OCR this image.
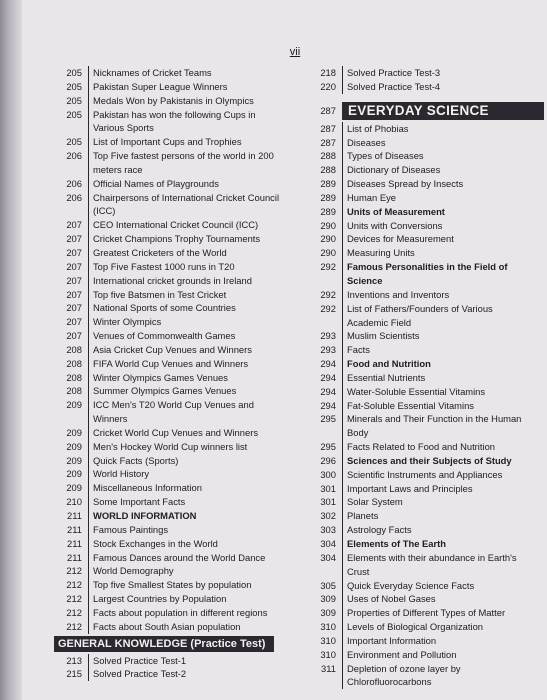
vii
205	Nicknames of Cricket Teams
205	Pakistan Super League Winners
205	Medals Won by Pakistanis in Olympics
205	Pakistan has won the following Cups in
Various Sports
205	List of Important Cups and Trophies
206	Top Five fastest persons of the world in 200
meters race
206	Official Names of Playgrounds
206	Chairpersons of International Cricket Council
(ICC)
207	CEO International Cricket Council (ICC)
207	Cricket Champions Trophy Tournaments
207	Greatest Cricketers of the World
207	Top Five Fastest 1000 runs in T20
207	International cricket grounds in Ireland
207	Top five Batsmen in Test Cricket
207	National Sports of some Countries
207	Winter Olympics
207	Venues of Commonwealth Games
208	Asia Cricket Cup Venues and Winners
208	FIFA World Cup Venues and Winners
208	Winter Olympics Games Venues
208	Summer Olympics Games Venues
209	ICC Men's T20 World Cup Venues and
Winners
209	Cricket World Cup Venues and Winners
209	Men's Hockey World Cup winners list
209	Quick Facts (Sports)
209	World History
209	Miscellaneous Information
210	Some Important Facts
211	WORLD INFORMATION
211	Famous Paintings
211	Stock Exchanges in the World
211	Famous Dances around the World Dance
212	World Demography
212	Top five Smallest States by population
212	Largest Countries by Population
212	Facts about population in different regions
212	Facts about South Asian population
GENERAL KNOWLEDGE (Practice Test)
213	Solved Practice Test-1
215	Solved Practice Test-2
218	Solved Practice Test-3
220	Solved Practice Test-4
287 EVERYDAY SCIENCE
287	List of Phobias
287	Diseases
288	Types of Diseases
288	Dictionary of Diseases
289	Diseases Spread by Insects
289	Human Eye
289	Units of Measurement
290	Units with Conversions
290	Devices for Measurement
290	Measuring Units
292	Famous Personalities in the Field of Science
292	Inventions and Inventors
292	List of Fathers/Founders of Various
Academic Field
293	Muslim Scientists
293	Facts
294	Food and Nutrition
294	Essential Nutrients
294	Water-Soluble Essential Vitamins
294	Fat-Soluble Essential Vitamins
295	Minerals and Their Function in the Human
Body
295	Facts Related to Food and Nutrition
296	Sciences and their Subjects of Study
300	Scientific Instruments and Appliances
301	Important Laws and Principles
301	Solar System
302	Planets
303	Astrology Facts
304	Elements of The Earth
304	Elements with their abundance in Earth's
Crust
305	Quick Everyday Science Facts
309	Uses of Nobel Gases
309	Properties of Different Types of Matter
310	Levels of Biological Organization
310	Important Information
310	Environment and Pollution
311	Depletion of ozone layer by
Chlorofluorocarbons
